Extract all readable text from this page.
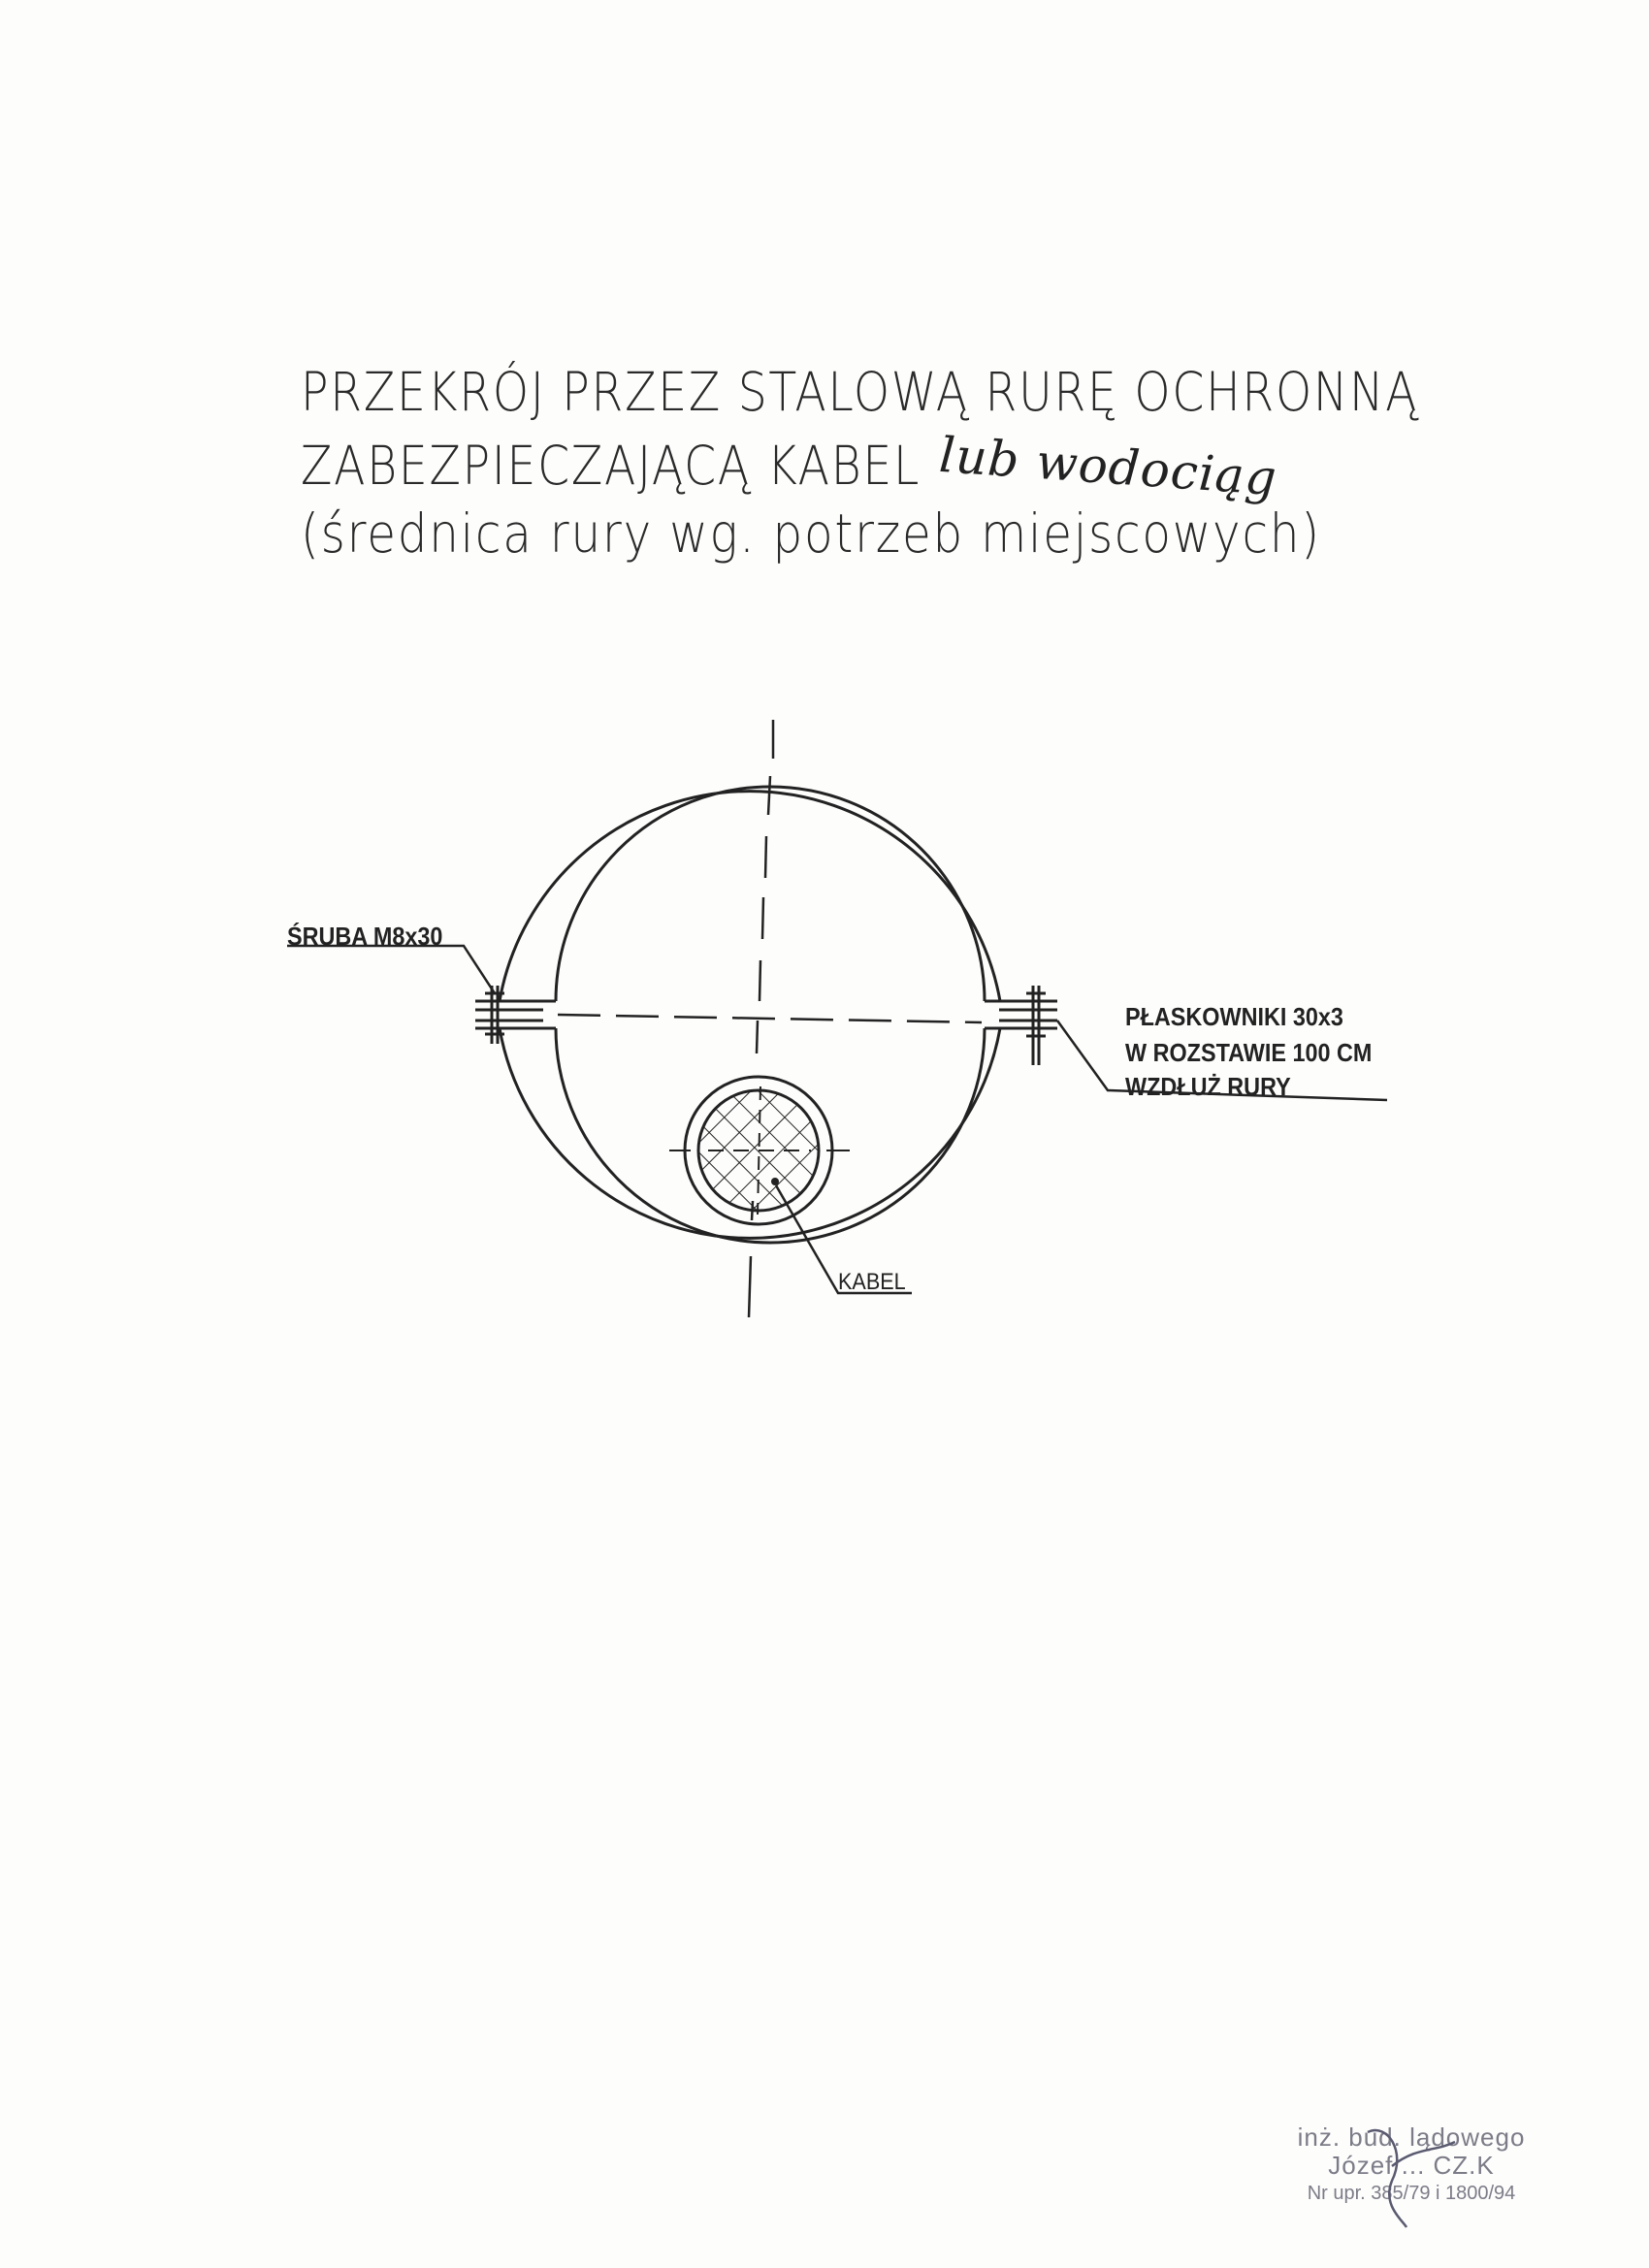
PRZEKRÓJ PRZEZ STALOWĄ RURĘ OCHRONNĄ
ZABEZPIECZAJĄCĄ KABEL lub wodociąg
(średnica rury wg. potrzeb miejscowych)
ŚRUBA M8x30
PŁASKOWNIKI 30x3
W ROZSTAWIE 100 CM
WZDŁUŻ RURY
KABEL
inż. bud. lądowego
Józef ... CZ.K
Nr upr. 385/79 i 1800/94
